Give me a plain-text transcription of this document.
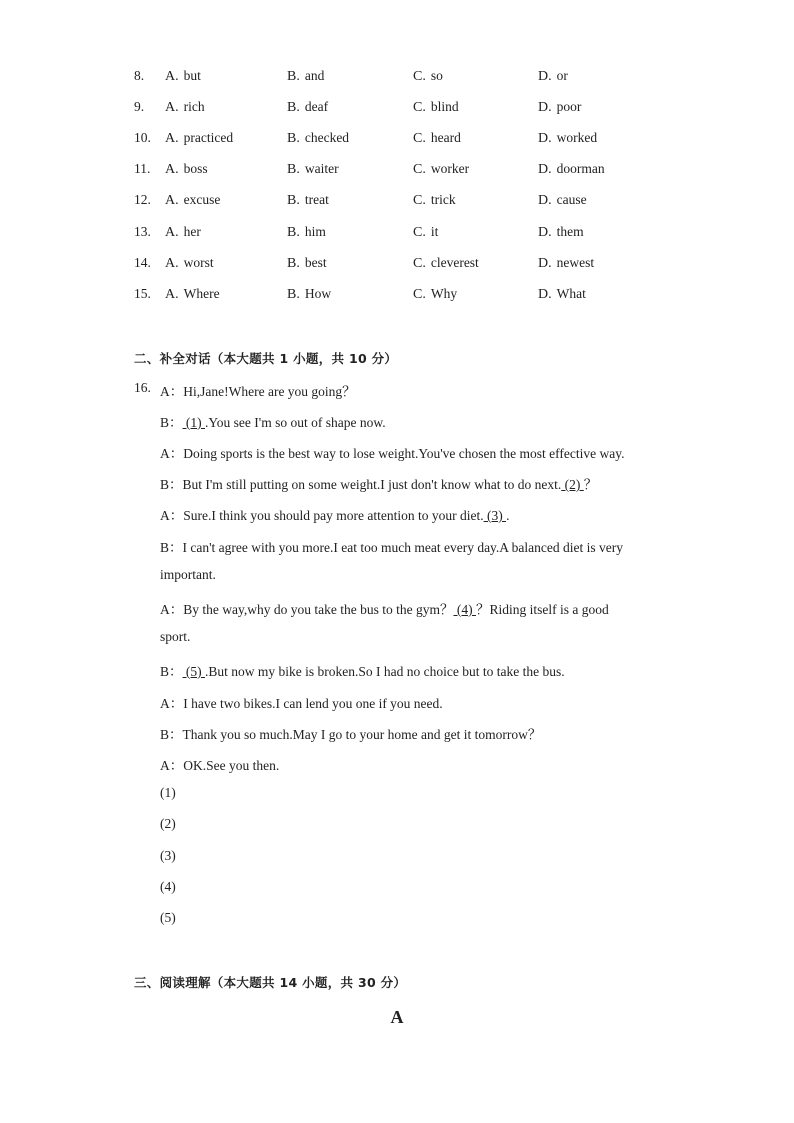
8.	A. but	B. and	C. so	D. or
9.	A. rich	B. deaf	C. blind	D. poor
10.	A. practiced	B. checked	C. heard	D. worked
11.	A. boss	B. waiter	C. worker	D. doorman
12.	A. excuse	B. treat	C. trick	D. cause
13.	A. her	B. him	C. it	D. them
14.	A. worst	B. best	C. cleverest	D. newest
15.	A. Where	B. How	C. Why	D. What
二、补全对话（本大题共 1 小题，共 10 分）
16. A：Hi,Jane!Where are you going？
B： (1) .You see I'm so out of shape now.
A：Doing sports is the best way to lose weight.You've chosen the most effective way.
B：But I'm still putting on some weight.I just don't know what to do next. (2) ？
A：Sure.I think you should pay more attention to your diet. (3) .
B：I can't agree with you more.I eat too much meat every day.A balanced diet is very
important.
A：By the way,why do you take the bus to the gym？ (4) ？Riding itself is a good
sport.
B： (5) .But now my bike is broken.So I had no choice but to take the bus.
A：I have two bikes.I can lend you one if you need.
B：Thank you so much.May I go to your home and get it tomorrow？
A：OK.See you then.
(1)
(2)
(3)
(4)
(5)
三、阅读理解（本大题共 14 小题，共 30 分）
A
